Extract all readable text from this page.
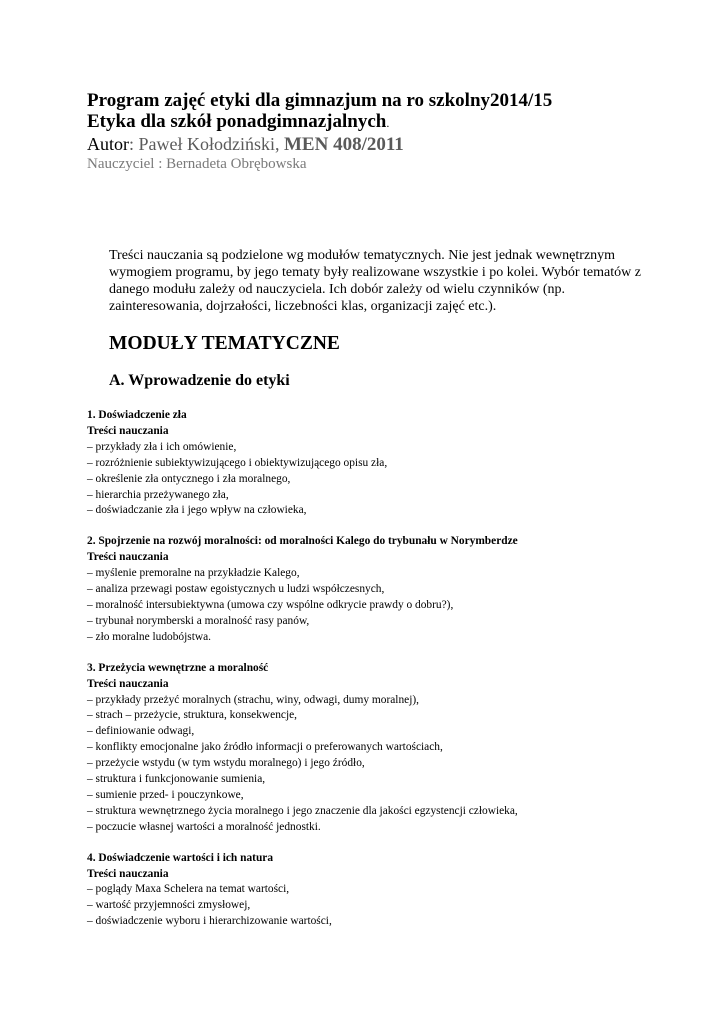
Program zajęć etyki dla gimnazjum na ro szkolny2014/15
Etyka dla szkół ponadgimnazjalnych.
Autor: Paweł Kołodziński, MEN 408/2011
Nauczyciel : Bernadeta Obrębowska
Treści nauczania są podzielone wg modułów tematycznych. Nie jest jednak wewnętrznym wymogiem programu, by jego tematy były realizowane wszystkie i po kolei. Wybór tematów z danego modułu zależy od nauczyciela. Ich dobór zależy od wielu czynników (np. zainteresowania, dojrzałości, liczebności klas, organizacji zajęć etc.).
MODUŁY TEMATYCZNE
A. Wprowadzenie do etyki
1. Doświadczenie zła
Treści nauczania
– przykłady zła i ich omówienie,
– rozróżnienie subiektywizującego i obiektywizującego opisu zła,
– określenie zła ontycznego i zła moralnego,
– hierarchia przeżywanego zła,
– doświadczanie zła i jego wpływ na człowieka,
2. Spojrzenie na rozwój moralności: od moralności Kalego do trybunału w Norymberdze
Treści nauczania
– myślenie premoralne na przykładzie Kalego,
– analiza przewagi postaw egoistycznych u ludzi współczesnych,
– moralność intersubiektywna (umowa czy wspólne odkrycie prawdy o dobru?),
– trybunał norymberski a moralność rasy panów,
– zło moralne ludobójstwa.
3. Przeżycia wewnętrzne a moralność
Treści nauczania
– przykłady przeżyć moralnych (strachu, winy, odwagi, dumy moralnej),
– strach – przeżycie, struktura, konsekwencje,
– definiowanie odwagi,
– konflikty emocjonalne jako źródło informacji o preferowanych wartościach,
– przeżycie wstydu (w tym wstydu moralnego) i jego źródło,
– struktura i funkcjonowanie sumienia,
– sumienie przed- i pouczynkowe,
– struktura wewnętrznego życia moralnego i jego znaczenie dla jakości egzystencji człowieka,
– poczucie własnej wartości a moralność jednostki.
4. Doświadczenie wartości i ich natura
Treści nauczania
– poglądy Maxa Schelera na temat wartości,
– wartość przyjemności zmysłowej,
– doświadczenie wyboru i hierarchizowanie wartości,
